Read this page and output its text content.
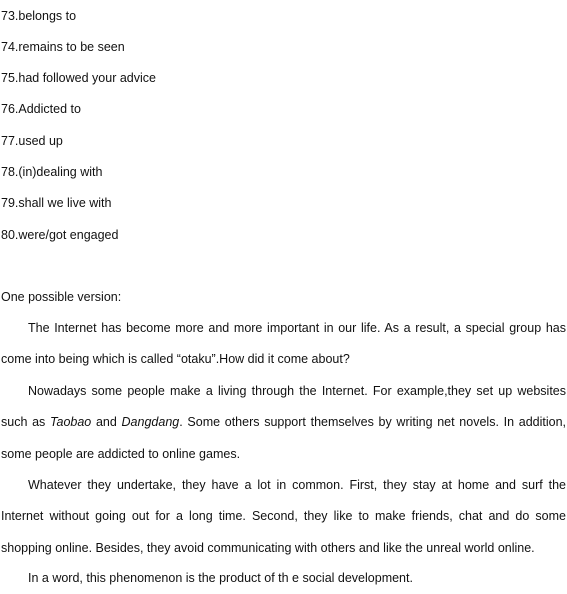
73.belongs to
74.remains to be seen
75.had followed your advice
76.Addicted to
77.used up
78.(in)dealing with
79.shall we live with
80.were/got engaged
One possible version:

The Internet has become more and more important in our life. As a result, a special group has come into being which is called “otaku”.How did it come about?

Nowadays some people make a living through the Internet. For example,they set up websites such as Taobao and Dangdang. Some others support themselves by writing net novels. In addition, some people are addicted to online games.

Whatever they undertake, they have a lot in common. First, they stay at home and surf the Internet without going out for a long time. Second, they like to make friends, chat and do some shopping online. Besides, they avoid communicating with others and like the unreal world online.

In a word, this phenomenon is the product of th e social development.
